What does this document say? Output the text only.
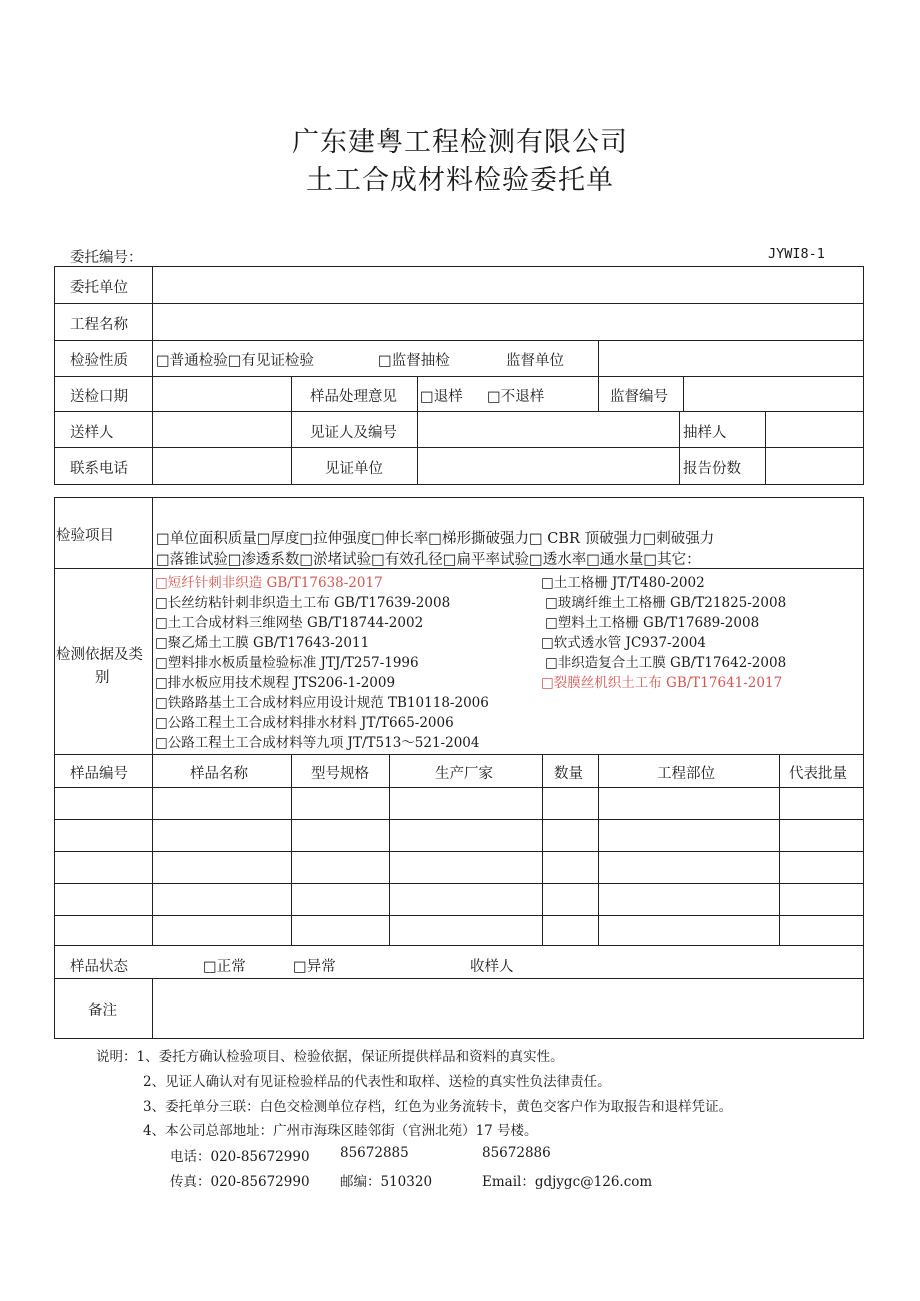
广东建粤工程检测有限公司
土工合成材料检验委托单
委托编号：	JYWI8-1
委托单位
工程名称
检验性质 □普通检验□有见证检验	□监督抽检	监督单位
送检口期	样品处理意见 □退样 □不退样	监督编号
送样人	见证人及编号	抽样人
联系电话	见证单位	报告份数
检验项目	□单位面积质量□厚度□拉伸强度□伸长率□梯形撕破强力□ CBR 顶破强力□刺破强力
□落锥试验□渗透系数□淤堵试验□有效孔径□扁平率试验□透水率□通水量□其它：
检测依据及类
别
□短纤针刺非织造 GB/T17638-2017
□长丝纺粘针刺非织造土工布 GB/T17639-2008
□土工合成材料三维网垫 GB/T18744-2002
□聚乙烯土工膜 GB/T17643-2011
□塑料排水板质量检验标准 JTJ/T257-1996
□排水板应用技术规程 JTS206-1-2009
□铁路路基土工合成材料应用设计规范 TB10118-2006
□公路工程土工合成材料排水材料 JT/T665-2006
□公路工程土工合成材料等九项 JT/T513～521-2004
□土工格栅 JT/T480-2002
□玻璃纤维土工格栅 GB/T21825-2008
□塑料土工格栅 GB/T17689-2008
□软式透水管 JC937-2004
□非织造复合土工膜 GB/T17642-2008
□裂膜丝机织土工布 GB/T17641-2017
样品编号	样品名称	型号规格	生产厂家	数量	工程部位	代表批量
样品状态	□正常	□异常	收样人
备注
说明：1、委托方确认检验项目、检验依据，保证所提供样品和资料的真实性。
2、见证人确认对有见证检验样品的代表性和取样、送检的真实性负法律责任。
3、委托单分三联：白色交检测单位存档，红色为业务流转卡，黄色交客户作为取报告和退样凭证。
4、本公司总部地址：广州市海珠区睦邻街（官洲北苑）17 号楼。
电话：020-85672990 85672885	85672886
传真：020-85672990 邮编：510320	Email：gdjygc@126.com
